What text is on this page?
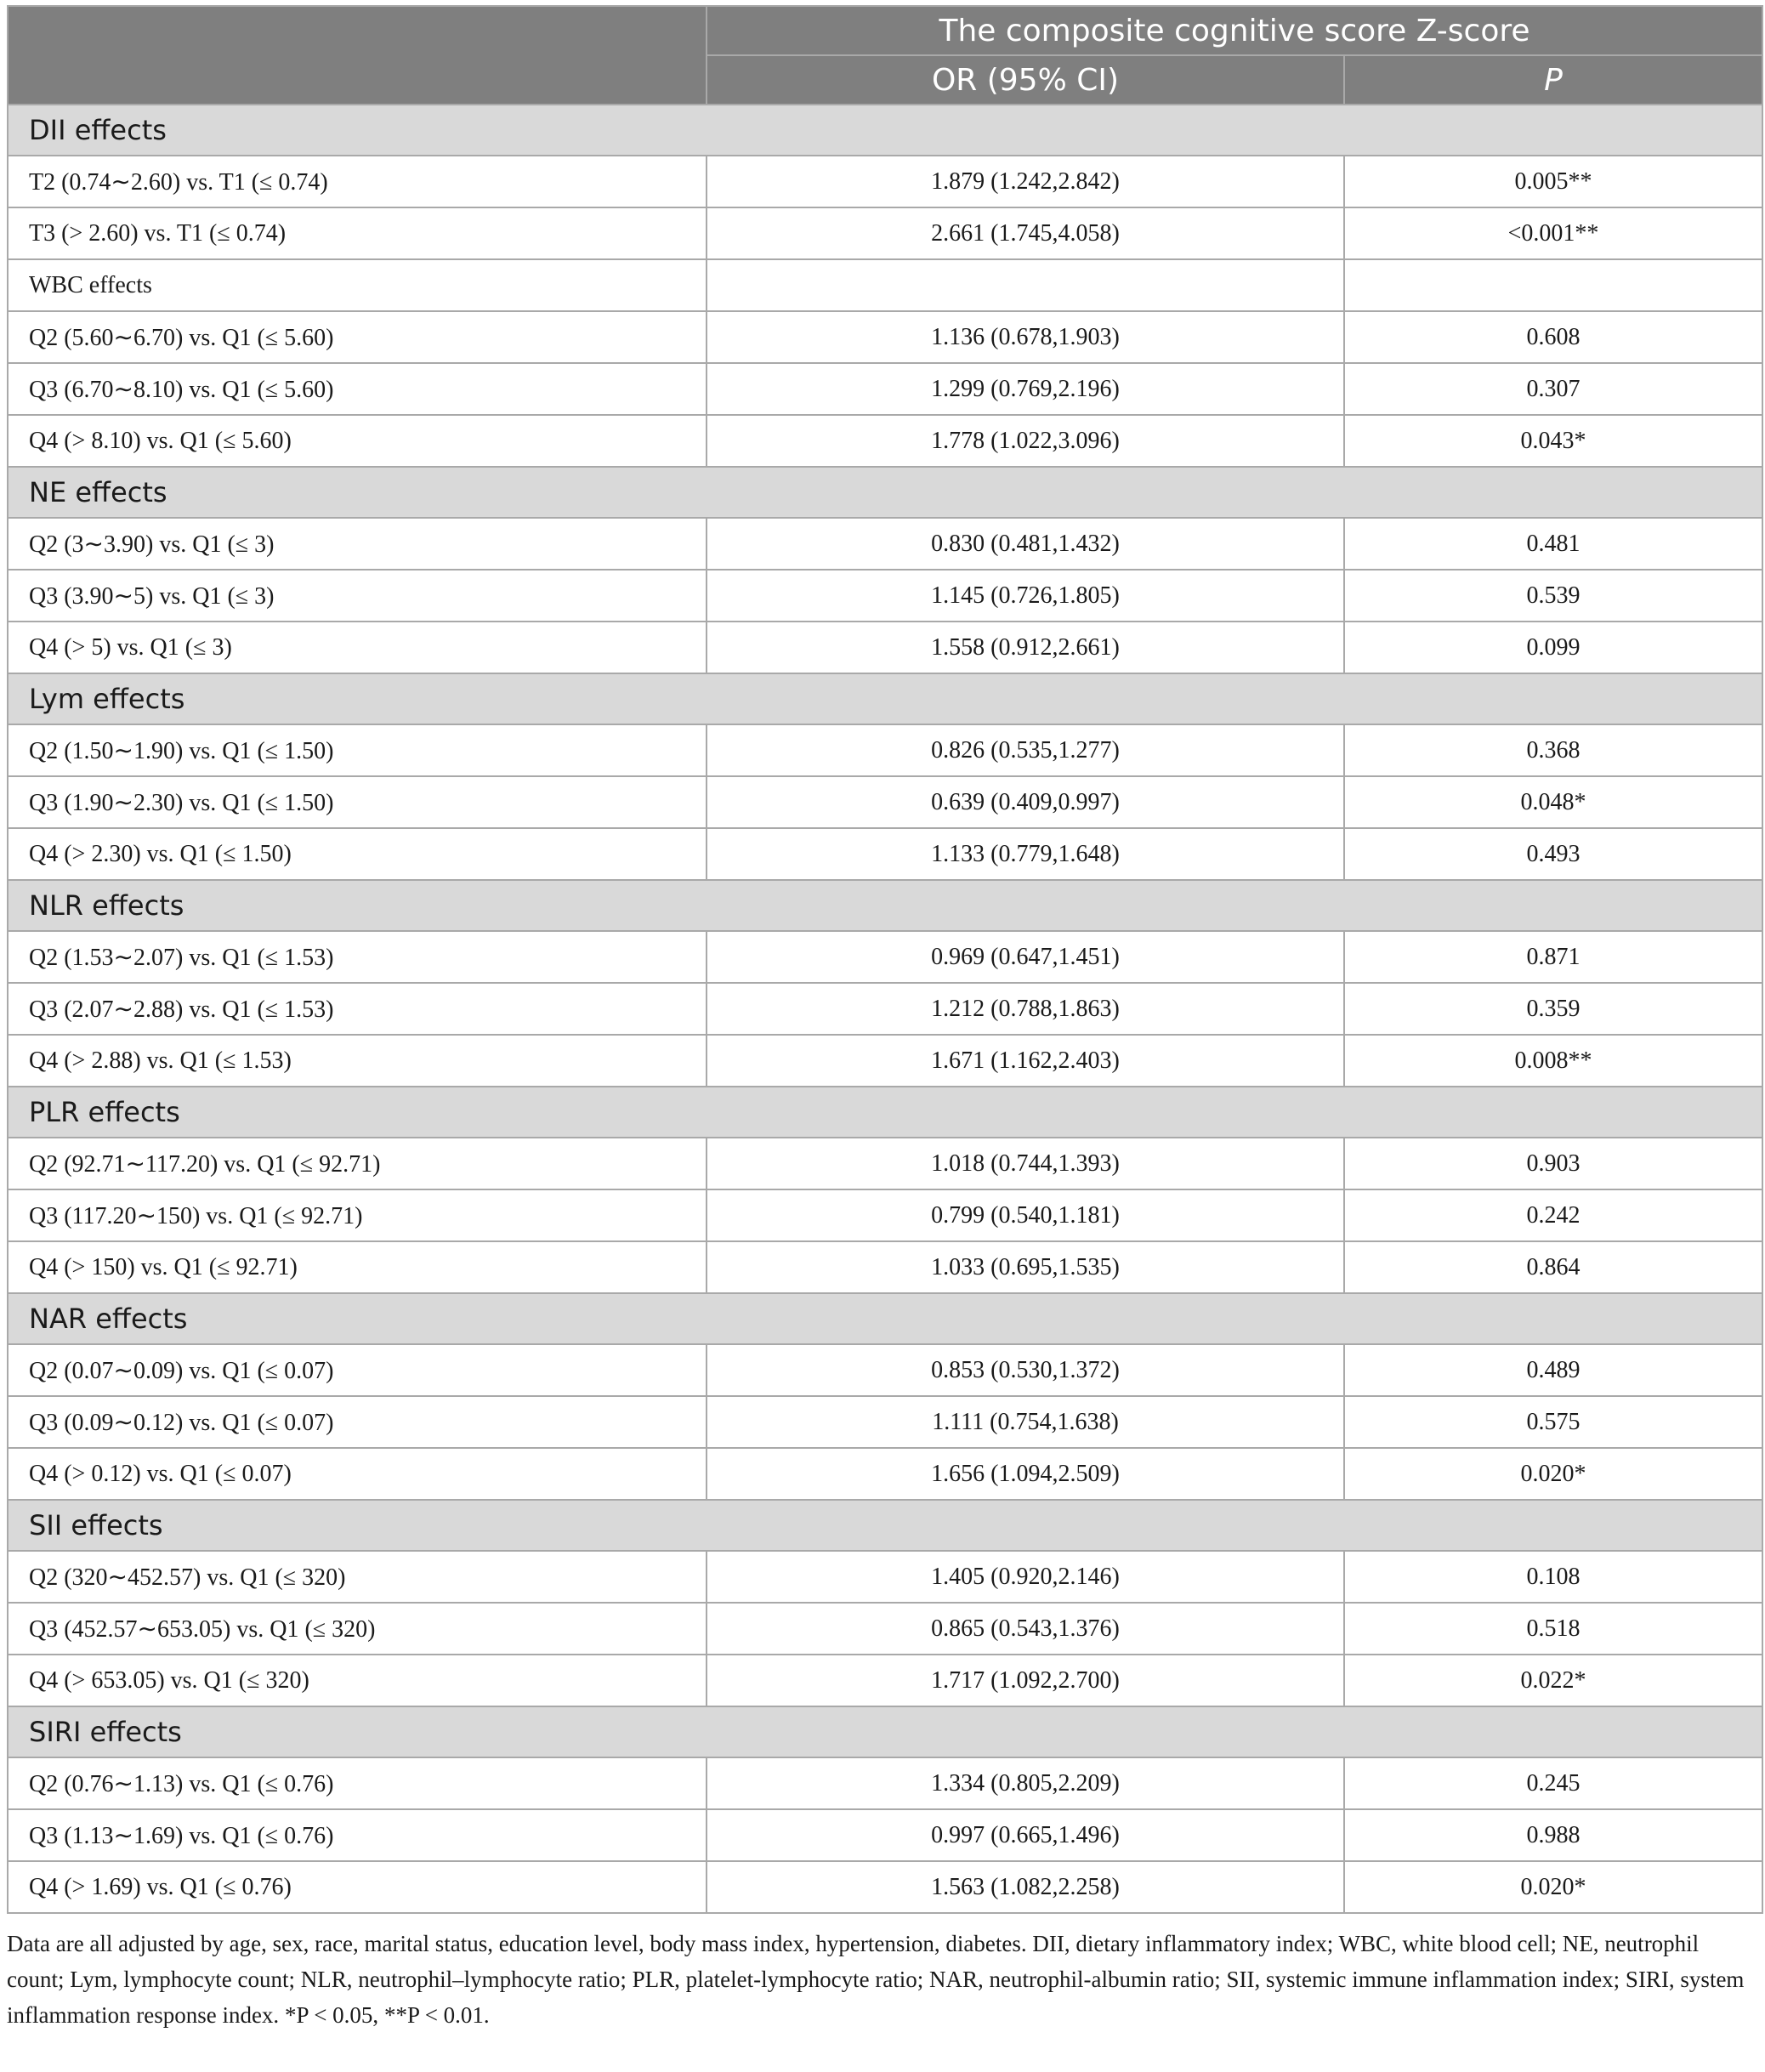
	The composite cognitive score Z-score	
	OR (95% CI)	P
DII effects		
T2 (0.74∼2.60) vs. T1 (≤ 0.74)	1.879 (1.242,2.842)	0.005**
T3 (> 2.60) vs. T1 (≤ 0.74)	2.661 (1.745,4.058)	<0.001**
WBC effects		
Q2 (5.60∼6.70) vs. Q1 (≤ 5.60)	1.136 (0.678,1.903)	0.608
Q3 (6.70∼8.10) vs. Q1 (≤ 5.60)	1.299 (0.769,2.196)	0.307
Q4 (> 8.10) vs. Q1 (≤ 5.60)	1.778 (1.022,3.096)	0.043*
NE effects		
Q2 (3∼3.90) vs. Q1 (≤ 3)	0.830 (0.481,1.432)	0.481
Q3 (3.90∼5) vs. Q1 (≤ 3)	1.145 (0.726,1.805)	0.539
Q4 (> 5) vs. Q1 (≤ 3)	1.558 (0.912,2.661)	0.099
Lym effects		
Q2 (1.50∼1.90) vs. Q1 (≤ 1.50)	0.826 (0.535,1.277)	0.368
Q3 (1.90∼2.30) vs. Q1 (≤ 1.50)	0.639 (0.409,0.997)	0.048*
Q4 (> 2.30) vs. Q1 (≤ 1.50)	1.133 (0.779,1.648)	0.493
NLR effects		
Q2 (1.53∼2.07) vs. Q1 (≤ 1.53)	0.969 (0.647,1.451)	0.871
Q3 (2.07∼2.88) vs. Q1 (≤ 1.53)	1.212 (0.788,1.863)	0.359
Q4 (> 2.88) vs. Q1 (≤ 1.53)	1.671 (1.162,2.403)	0.008**
PLR effects		
Q2 (92.71∼117.20) vs. Q1 (≤ 92.71)	1.018 (0.744,1.393)	0.903
Q3 (117.20∼150) vs. Q1 (≤ 92.71)	0.799 (0.540,1.181)	0.242
Q4 (> 150) vs. Q1 (≤ 92.71)	1.033 (0.695,1.535)	0.864
NAR effects		
Q2 (0.07∼0.09) vs. Q1 (≤ 0.07)	0.853 (0.530,1.372)	0.489
Q3 (0.09∼0.12) vs. Q1 (≤ 0.07)	1.111 (0.754,1.638)	0.575
Q4 (> 0.12) vs. Q1 (≤ 0.07)	1.656 (1.094,2.509)	0.020*
SII effects		
Q2 (320∼452.57) vs. Q1 (≤ 320)	1.405 (0.920,2.146)	0.108
Q3 (452.57∼653.05) vs. Q1 (≤ 320)	0.865 (0.543,1.376)	0.518
Q4 (> 653.05) vs. Q1 (≤ 320)	1.717 (1.092,2.700)	0.022*
SIRI effects		
Q2 (0.76∼1.13) vs. Q1 (≤ 0.76)	1.334 (0.805,2.209)	0.245
Q3 (1.13∼1.69) vs. Q1 (≤ 0.76)	0.997 (0.665,1.496)	0.988
Q4 (> 1.69) vs. Q1 (≤ 0.76)	1.563 (1.082,2.258)	0.020*
Data are all adjusted by age, sex, race, marital status, education level, body mass index, hypertension, diabetes. DII, dietary inflammatory index; WBC, white blood cell; NE, neutrophil count; Lym, lymphocyte count; NLR, neutrophil–lymphocyte ratio; PLR, platelet-lymphocyte ratio; NAR, neutrophil-albumin ratio; SII, systemic immune inflammation index; SIRI, system inflammation response index. *P < 0.05, **P < 0.01.
